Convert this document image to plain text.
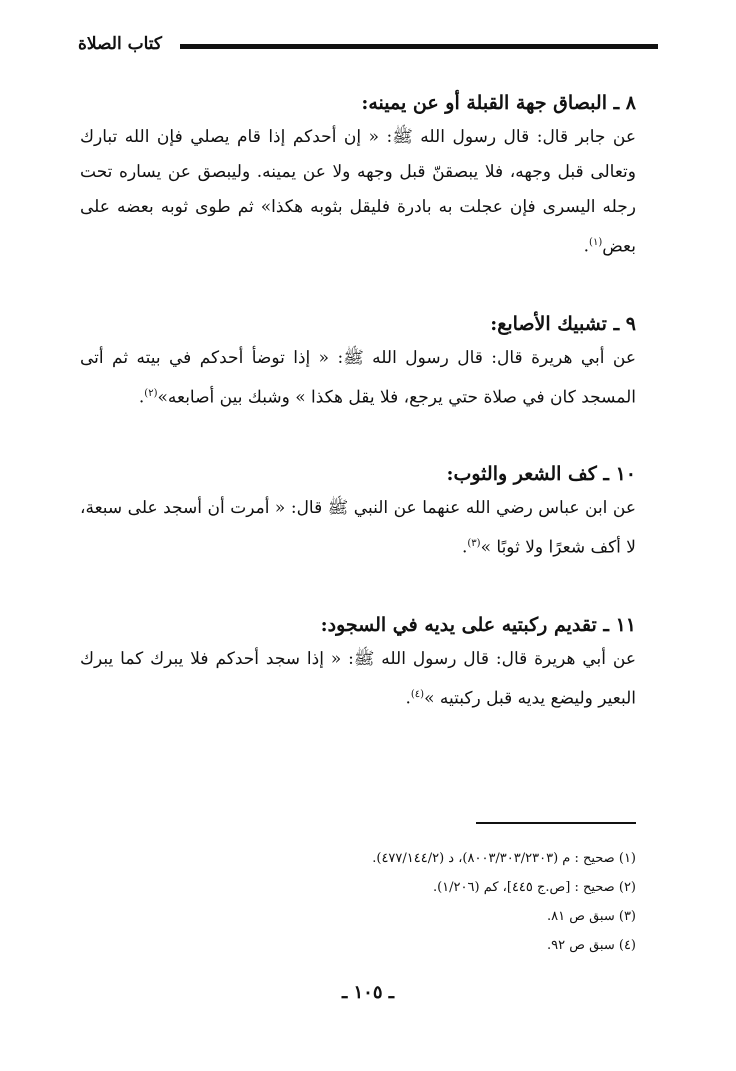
كتاب الصلاة

٨ ـ البصاق جهة القبلة أو عن يمينه:

عن جابر قال: قال رسول الله ﷺ: « إن أحدكم إذا قام يصلي فإن الله تبارك وتعالى قبل وجهه، فلا يبصقنّ قبل وجهه ولا عن يمينه. وليبصق عن يساره تحت رجله اليسرى فإن عجلت به بادرة فليقل بثوبه هكذا» ثم طوى ثوبه بعضه على بعض$^{(١)}$.

٩ ـ تشبيك الأصابع:

عن أبي هريرة قال: قال رسول الله ﷺ: « إذا توضأ أحدكم في بيته ثم أتى المسجد كان في صلاة حتي يرجع، فلا يقل هكذا » وشبك بين أصابعه»$^{(٢)}$.

١٠ ـ كف الشعر والثوب:

عن ابن عباس رضي الله عنهما عن النبي ﷺ قال: « أمرت أن أسجد على سبعة، لا أكف شعرًا ولا ثوبًا »$^{(٣)}$.

١١ ـ تقديم ركبتيه على يديه في السجود:

عن أبي هريرة قال: قال رسول الله ﷺ: « إذا سجد أحدكم فلا يبرك كما يبرك البعير وليضع يديه قبل ركبتيه »$^{(٤)}$.

(١) صحيح : م (٨٠٠٣/٣٠٣/٢٣٠٣)، د (٤٧٧/١٤٤/٢).
(٢) صحيح : [ص.ج ٤٤٥]، كم (١/٢٠٦).
(٣) سبق ص ٨١.
(٤) سبق ص ٩٢.
ـ ١٠٥ ـ
